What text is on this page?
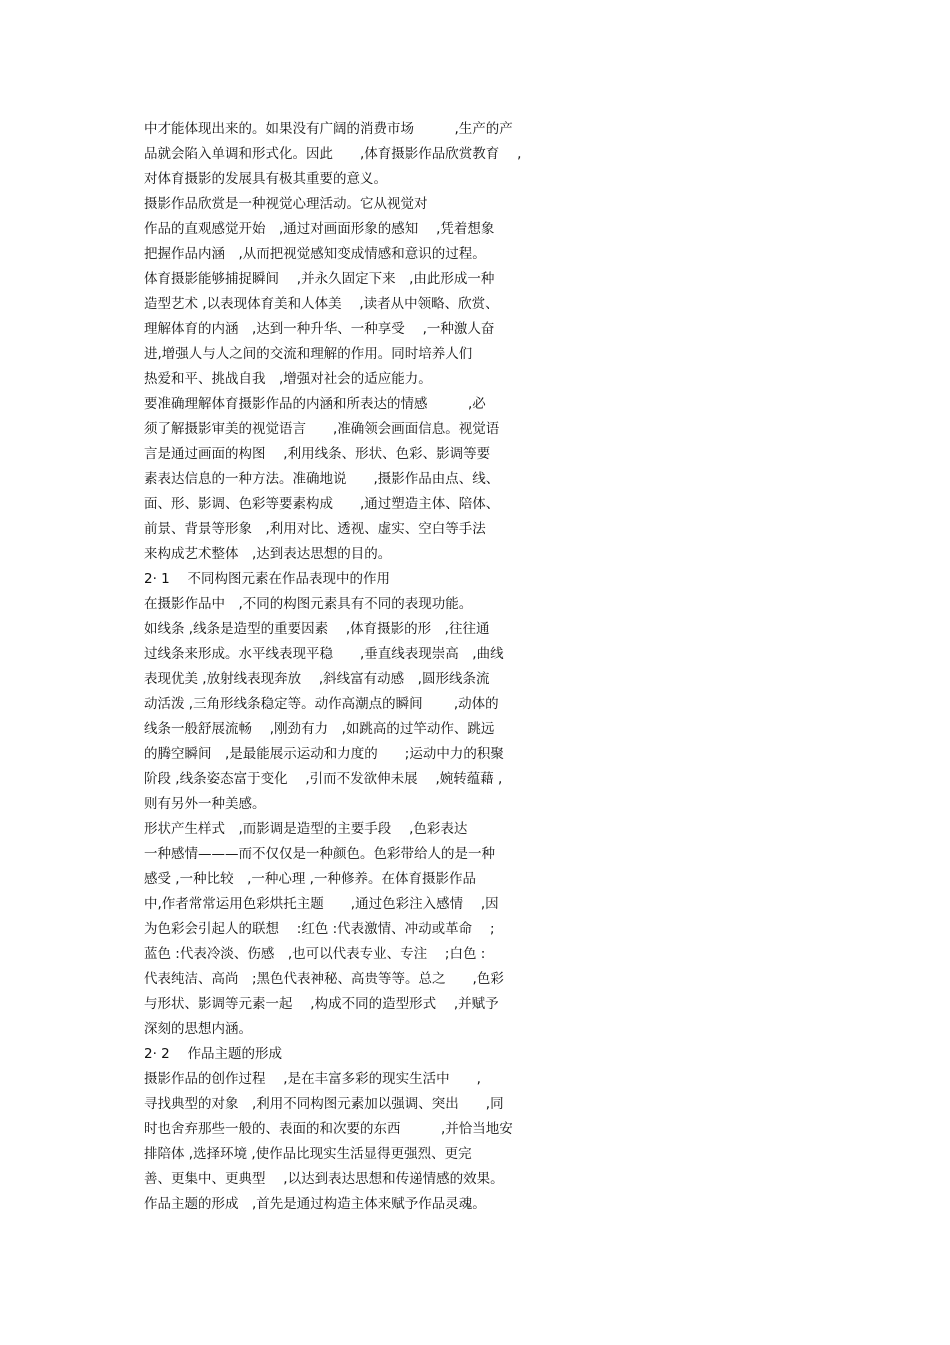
中才能体现出来的。如果没有广阔的消费市场　　　,生产的产
品就会陷入单调和形式化。因此　　,体育摄影作品欣赏教育　 ,
对体育摄影的发展具有极其重要的意义。
摄影作品欣赏是一种视觉心理活动。它从视觉对
作品的直观感觉开始　,通过对画面形象的感知　 ,凭着想象
把握作品内涵　,从而把视觉感知变成情感和意识的过程。
体育摄影能够捕捉瞬间　 ,并永久固定下来　,由此形成一种
造型艺术 ,以表现体育美和人体美　 ,读者从中领略、欣赏、
理解体育的内涵　,达到一种升华、一种享受　 ,一种激人奋
进,增强人与人之间的交流和理解的作用。同时培养人们
热爱和平、挑战自我　,增强对社会的适应能力。
要准确理解体育摄影作品的内涵和所表达的情感　　　,必
须了解摄影审美的视觉语言　　,准确领会画面信息。视觉语
言是通过画面的构图　 ,利用线条、形状、色彩、影调等要
素表达信息的一种方法。准确地说　　,摄影作品由点、线、
面、形、影调、色彩等要素构成　　,通过塑造主体、陪体、
前景、背景等形象　,利用对比、透视、虚实、空白等手法
来构成艺术整体　,达到表达思想的目的。
2· 1　 不同构图元素在作品表现中的作用
在摄影作品中　,不同的构图元素具有不同的表现功能。
如线条 ,线条是造型的重要因素　 ,体育摄影的形　,往往通
过线条来形成。水平线表现平稳　　,垂直线表现崇高　,曲线
表现优美 ,放射线表现奔放　 ,斜线富有动感　,圆形线条流
动活泼 ,三角形线条稳定等。动作高潮点的瞬间　　 ,动体的
线条一般舒展流畅　 ,刚劲有力　,如跳高的过竿动作、跳远
的腾空瞬间　,是最能展示运动和力度的　　;运动中力的积聚
阶段 ,线条姿态富于变化　 ,引而不发欲伸未展　 ,婉转蕴藉 ,
则有另外一种美感。
形状产生样式　,而影调是造型的主要手段　 ,色彩表达
一种感情———而不仅仅是一种颜色。色彩带给人的是一种
感受 ,一种比较　,一种心理 ,一种修养。在体育摄影作品
中,作者常常运用色彩烘托主题　　,通过色彩注入感情　 ,因
为色彩会引起人的联想　 :红色 :代表激情、冲动或革命　 ;
蓝色 :代表冷淡、伤感　,也可以代表专业、专注　 ;白色 :
代表纯洁、高尚　;黑色代表神秘、高贵等等。总之　　,色彩
与形状、影调等元素一起　 ,构成不同的造型形式　 ,并赋予
深刻的思想内涵。
2· 2　 作品主题的形成
摄影作品的创作过程　 ,是在丰富多彩的现实生活中　　,
寻找典型的对象　,利用不同构图元素加以强调、突出　　,同
时也舍弃那些一般的、表面的和次要的东西　　　,并恰当地安
排陪体 ,选择环境 ,使作品比现实生活显得更强烈、更完
善、更集中、更典型　 ,以达到表达思想和传递情感的效果。
作品主题的形成　,首先是通过构造主体来赋予作品灵魂。
